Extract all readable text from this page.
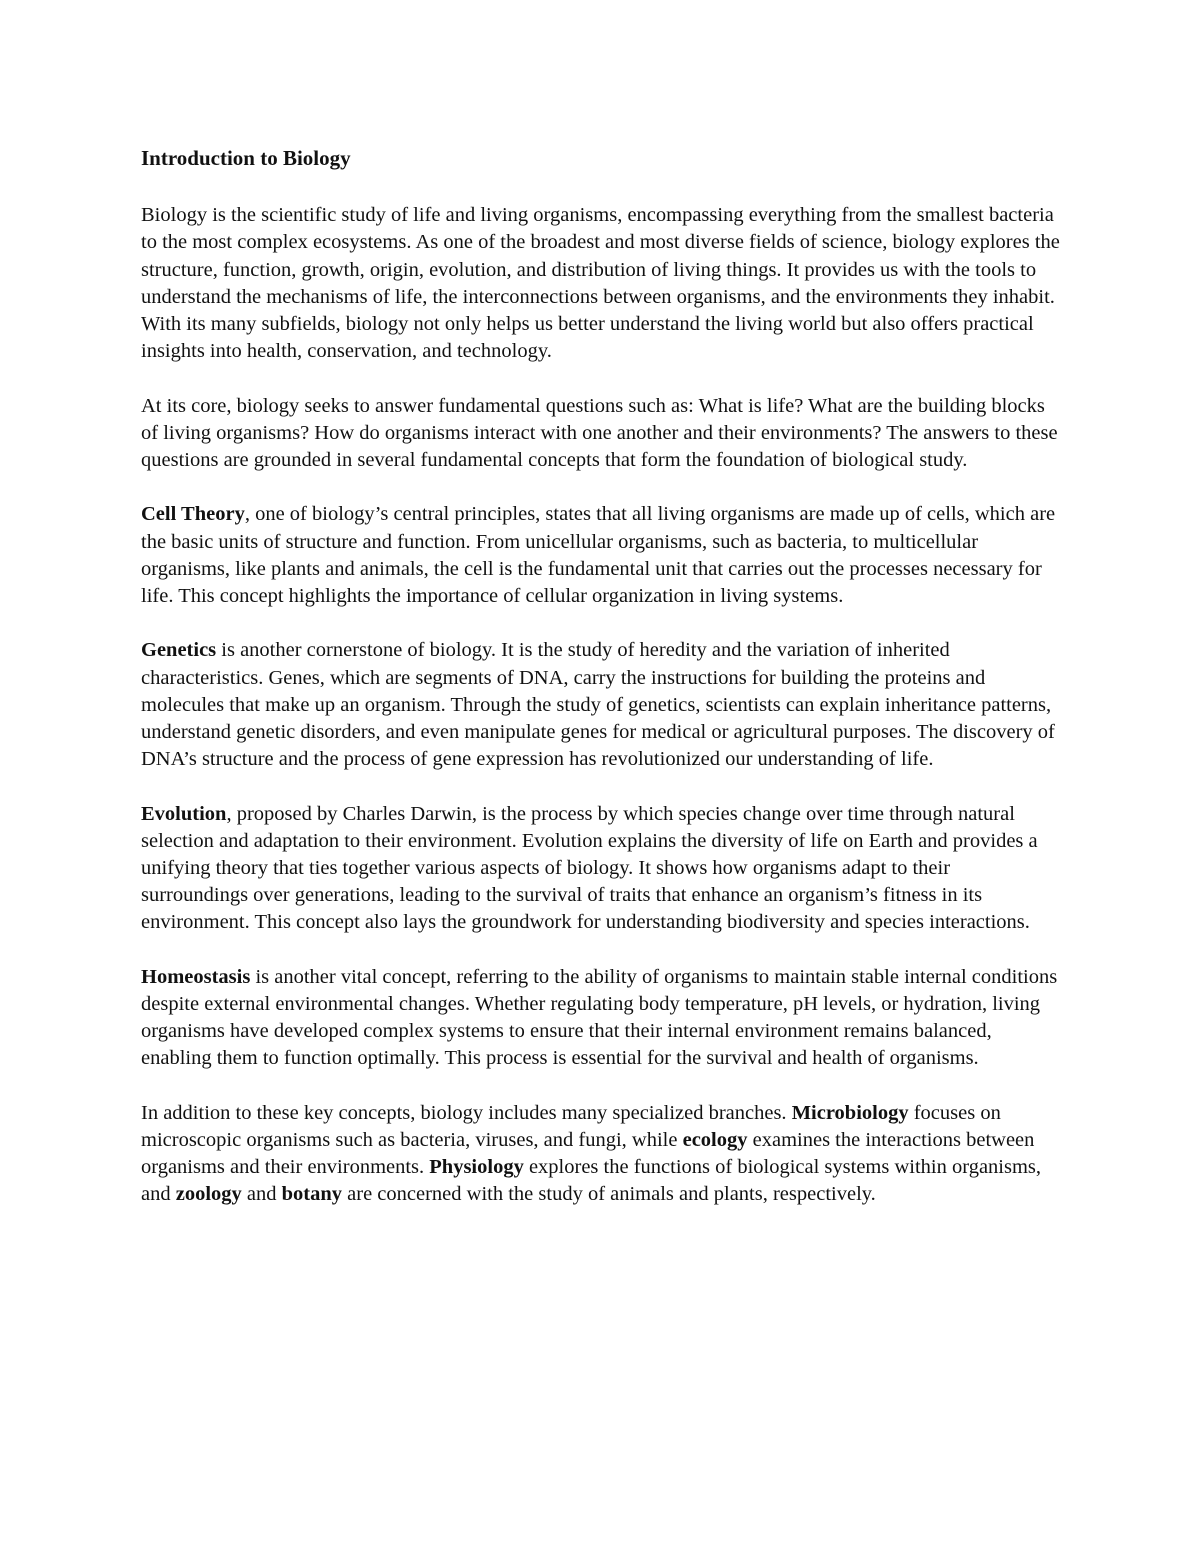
Introduction to Biology

Biology is the scientific study of life and living organisms, encompassing everything from the smallest bacteria to the most complex ecosystems. As one of the broadest and most diverse fields of science, biology explores the structure, function, growth, origin, evolution, and distribution of living things. It provides us with the tools to understand the mechanisms of life, the interconnections between organisms, and the environments they inhabit. With its many subfields, biology not only helps us better understand the living world but also offers practical insights into health, conservation, and technology.

At its core, biology seeks to answer fundamental questions such as: What is life? What are the building blocks of living organisms? How do organisms interact with one another and their environments? The answers to these questions are grounded in several fundamental concepts that form the foundation of biological study.

Cell Theory, one of biology’s central principles, states that all living organisms are made up of cells, which are the basic units of structure and function. From unicellular organisms, such as bacteria, to multicellular organisms, like plants and animals, the cell is the fundamental unit that carries out the processes necessary for life. This concept highlights the importance of cellular organization in living systems.

Genetics is another cornerstone of biology. It is the study of heredity and the variation of inherited characteristics. Genes, which are segments of DNA, carry the instructions for building the proteins and molecules that make up an organism. Through the study of genetics, scientists can explain inheritance patterns, understand genetic disorders, and even manipulate genes for medical or agricultural purposes. The discovery of DNA’s structure and the process of gene expression has revolutionized our understanding of life.

Evolution, proposed by Charles Darwin, is the process by which species change over time through natural selection and adaptation to their environment. Evolution explains the diversity of life on Earth and provides a unifying theory that ties together various aspects of biology. It shows how organisms adapt to their surroundings over generations, leading to the survival of traits that enhance an organism’s fitness in its environment. This concept also lays the groundwork for understanding biodiversity and species interactions.

Homeostasis is another vital concept, referring to the ability of organisms to maintain stable internal conditions despite external environmental changes. Whether regulating body temperature, pH levels, or hydration, living organisms have developed complex systems to ensure that their internal environment remains balanced, enabling them to function optimally. This process is essential for the survival and health of organisms.

In addition to these key concepts, biology includes many specialized branches. Microbiology focuses on microscopic organisms such as bacteria, viruses, and fungi, while ecology examines the interactions between organisms and their environments. Physiology explores the functions of biological systems within organisms, and zoology and botany are concerned with the study of animals and plants, respectively.
